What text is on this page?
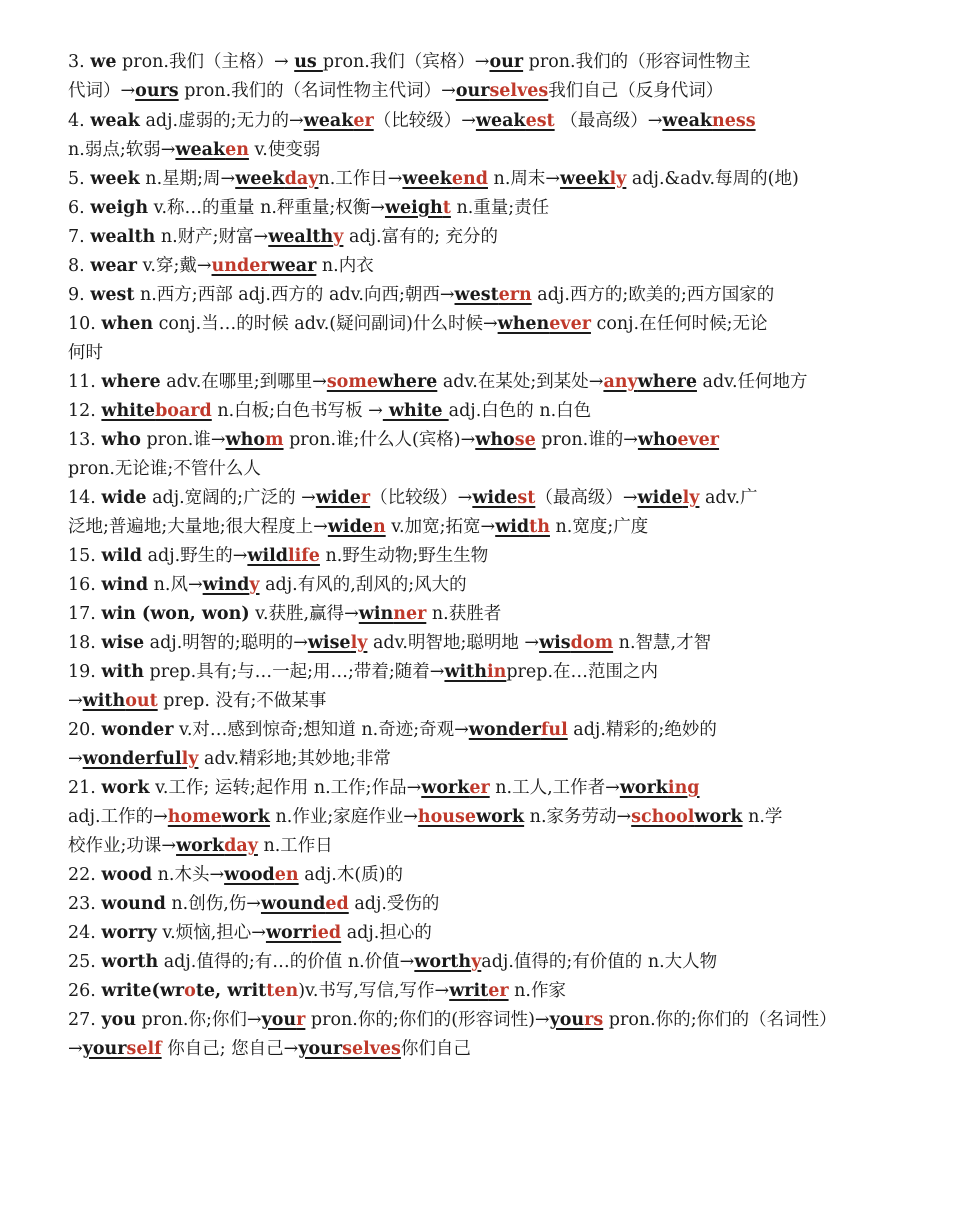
3. we pron.我们（主格）→ us pron.我们（宾格）→our pron.我们的（形容词性物主
代词）→ours pron.我们的（名词性物主代词）→ourselves我们自己（反身代词）
4. weak adj.虚弱的;无力的→weaker（比较级）→weakest （最高级）→weakness
n.弱点;软弱→weaken v.使变弱
5. week n.星期;周→weekdayn.工作日→weekend n.周末→weekly adj.&adv.每周的(地)
6. weigh v.称…的重量 n.秤重量;权衡→weight n.重量;责任
7. wealth n.财产;财富→wealthy adj.富有的; 充分的
8. wear v.穿;戴→underwear n.内衣
9. west n.西方;西部 adj.西方的 adv.向西;朝西→western adj.西方的;欧美的;西方国家的
10. when conj.当…的时候 adv.(疑问副词)什么时候→whenever conj.在任何时候;无论
何时
11. where adv.在哪里;到哪里→somewhere adv.在某处;到某处→anywhere adv.任何地方
12. whiteboard n.白板;白色书写板 → white adj.白色的 n.白色
13. who pron.谁→whom pron.谁;什么人(宾格)→whose pron.谁的→whoever
pron.无论谁;不管什么人
14. wide adj.宽阔的;广泛的 →wider（比较级）→widest（最高级）→widely adv.广
泛地;普遍地;大量地;很大程度上→widen v.加宽;拓宽→width n.宽度;广度
15. wild adj.野生的→wildlife n.野生动物;野生生物
16. wind n.风→windy adj.有风的,刮风的;风大的
17. win (won, won) v.获胜,赢得→winner n.获胜者
18. wise adj.明智的;聪明的→wisely adv.明智地;聪明地 →wisdom n.智慧,才智
19. with prep.具有;与…一起;用…;带着;随着→withinprep.在…范围之内
→without prep. 没有;不做某事
20. wonder v.对…感到惊奇;想知道 n.奇迹;奇观→wonderful adj.精彩的;绝妙的
→wonderfully adv.精彩地;其妙地;非常
21. work v.工作; 运转;起作用 n.工作;作品→worker n.工人,工作者→working
adj.工作的→homework n.作业;家庭作业→housework n.家务劳动→schoolwork n.学
校作业;功课→workday n.工作日
22. wood n.木头→wooden adj.木(质)的
23. wound n.创伤,伤→wounded adj.受伤的
24. worry v.烦恼,担心→worried adj.担心的
25. worth adj.值得的;有…的价值 n.价值→worthyadj.值得的;有价值的 n.大人物
26. write(wrote, written)v.书写,写信,写作→writer n.作家
27. you pron.你;你们→your pron.你的;你们的(形容词性)→yours pron.你的;你们的（名词性）
→yourself 你自己; 您自己→yourselves你们自己
